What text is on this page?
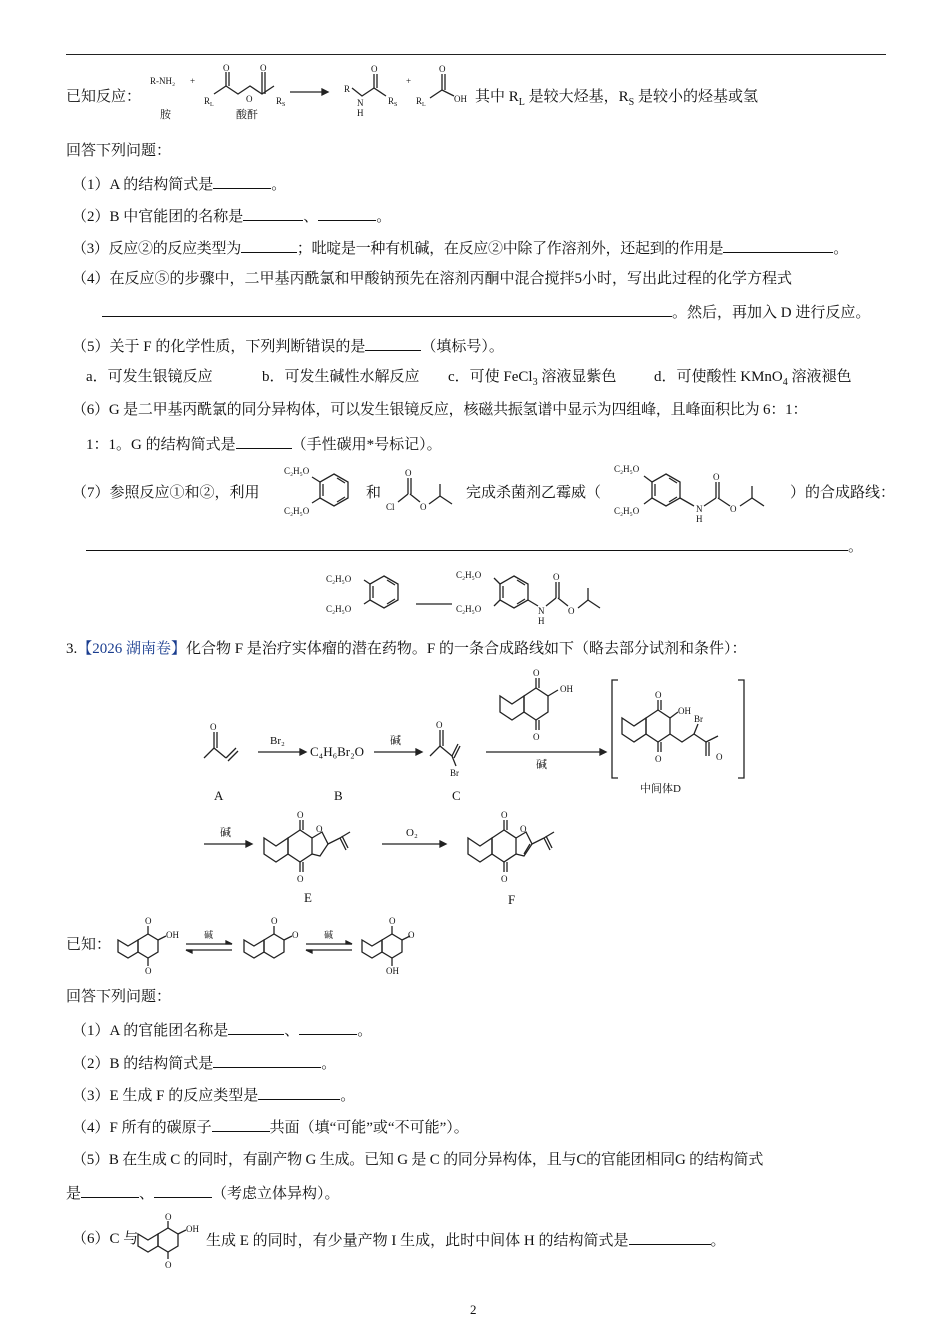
已知反应：
R-NH₂ +
胺
O	O
O
$R_L$	$R_S$
酸酐
R
N
H
O
$R_S$
+
$R_L$
O
OH 其中 $R_L$ 是较大烃基，$R_S$ 是较小的烃基或氢
回答下列问题：
（1）A 的结构简式是	。
（2）B 中官能团的名称是	、	。
（3）反应②的反应类型为	；吡啶是一种有机碱，在反应②中除了作溶剂外，还起到的作用是	。
（4）在反应⑤的步骤中，二甲基丙酰氯和甲酸钠预先在溶剂丙酮中混合搅拌5小时，写出此过程的化学方程式
。然后，再加入 D 进行反应。
（5）关于 F 的化学性质，下列判断错误的是	（填标号）。
a．可发生银镜反应	b．可发生碱性水解反应 c．可使 FeCl$_3$ 溶液显紫色	d．可使酸性 KMnO$_4$ 溶液褪色
（6）G 是二甲基丙酰氯的同分异构体，可以发生银镜反应，核磁共振氢谱中显示为四组峰，且峰面积比为 6：1：
1：1。G 的结构简式是	（手性碳用*号标记）。
（7）参照反应①和②，利用
C₂H₅O
C₂H₅O
和
Cl
O
O
完成杀菌剂乙霉威（
C₂H₅O
C₂H₅O	N
H
O
O
）的合成路线：
。
C₂H₅O
C₂H₅O
C₂H₅O
C₂H₅O	N
H
O
O
3.【2026 湖南卷】化合物 F 是治疗实体瘤的潜在药物。F 的一条合成路线如下（略去部分试剂和条件）：
O
A
Br₂
C₄H₆Br₂O
B
碱
O
Br
C
O
O
OH
碱
O
O
OH
Br
O
中间体D
碱
O
O
O
E
O₂
O
O
O
F
已知：
O
O
OH	碱
O
O	碱
O
O
OH
回答下列问题：
（1）A 的官能团名称是	、	。
（2）B 的结构简式是	。
（3）E 生成 F 的反应类型是	。
（4）F 所有的碳原子	共面（填“可能”或“不可能”）。
（5）B 在生成 C 的同时，有副产物 G 生成。已知 G 是 C 的同分异构体，且与C的官能团相同G 的结构简式
是	、	（考虑立体异构）。
（6）C 与
O
O
OH
生成 E 的同时，有少量产物 I 生成，此时中间体 H 的结构简式是	。
2
